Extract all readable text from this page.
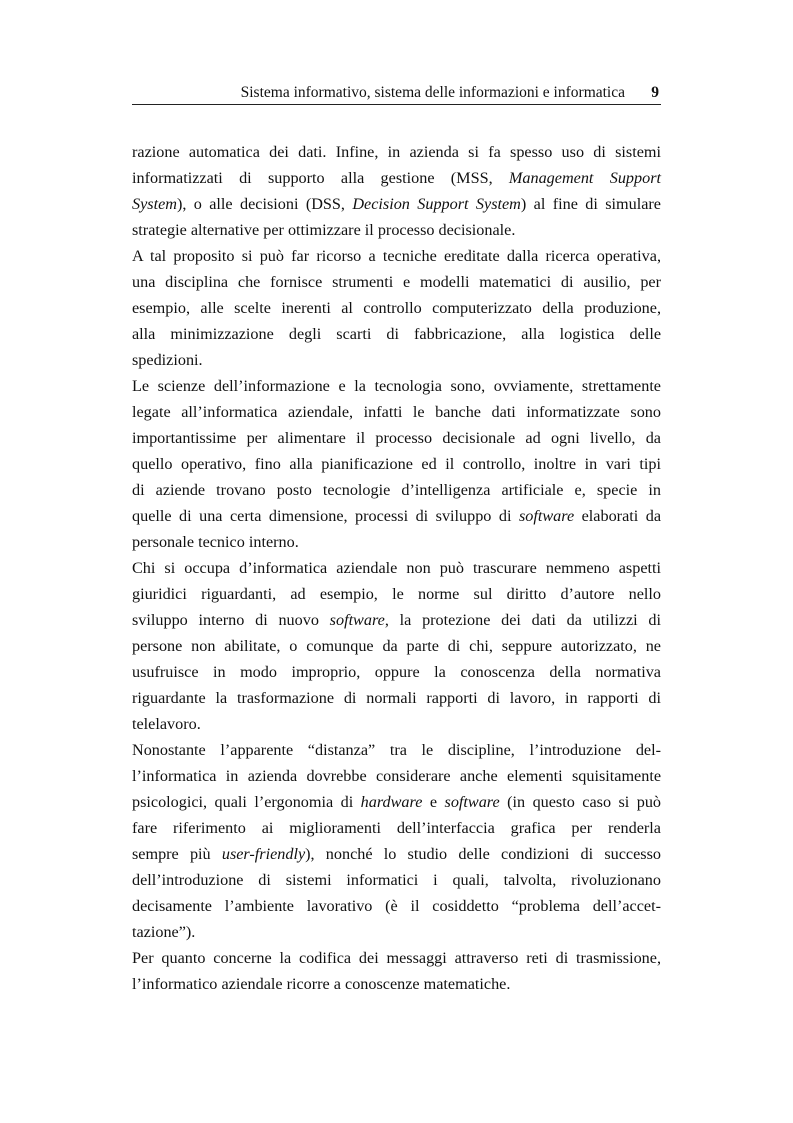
Sistema informativo, sistema delle informazioni e informatica 9

razione automatica dei dati. Infine, in azienda si fa spesso uso di sistemi
informatizzati di supporto alla gestione (MSS, Management Support
System), o alle decisioni (DSS, Decision Support System) al fine di simulare
strategie alternative per ottimizzare il processo decisionale.

A tal proposito si può far ricorso a tecniche ereditate dalla ricerca operativa,
una disciplina che fornisce strumenti e modelli matematici di ausilio, per
esempio, alle scelte inerenti al controllo computerizzato della produzione,
alla minimizzazione degli scarti di fabbricazione, alla logistica delle
spedizioni.

Le scienze dell’informazione e la tecnologia sono, ovviamente, strettamente
legate all’informatica aziendale, infatti le banche dati informatizzate sono
importantissime per alimentare il processo decisionale ad ogni livello, da
quello operativo, fino alla pianificazione ed il controllo, inoltre in vari tipi
di aziende trovano posto tecnologie d’intelligenza artificiale e, specie in
quelle di una certa dimensione, processi di sviluppo di software elaborati da
personale tecnico interno.

Chi si occupa d’informatica aziendale non può trascurare nemmeno aspetti
giuridici riguardanti, ad esempio, le norme sul diritto d’autore nello
sviluppo interno di nuovo software, la protezione dei dati da utilizzi di
persone non abilitate, o comunque da parte di chi, seppure autorizzato, ne
usufruisce in modo improprio, oppure la conoscenza della normativa
riguardante la trasformazione di normali rapporti di lavoro, in rapporti di
telelavoro.

Nonostante l’apparente “distanza” tra le discipline, l’introduzione del-
l’informatica in azienda dovrebbe considerare anche elementi squisitamente
psicologici, quali l’ergonomia di hardware e software (in questo caso si può
fare riferimento ai miglioramenti dell’interfaccia grafica per renderla
sempre più user-friendly), nonché lo studio delle condizioni di successo
dell’introduzione di sistemi informatici i quali, talvolta, rivoluzionano
decisamente l’ambiente lavorativo (è il cosiddetto “problema dell’accet-
tazione”).

Per quanto concerne la codifica dei messaggi attraverso reti di trasmissione,
l’informatico aziendale ricorre a conoscenze matematiche.
